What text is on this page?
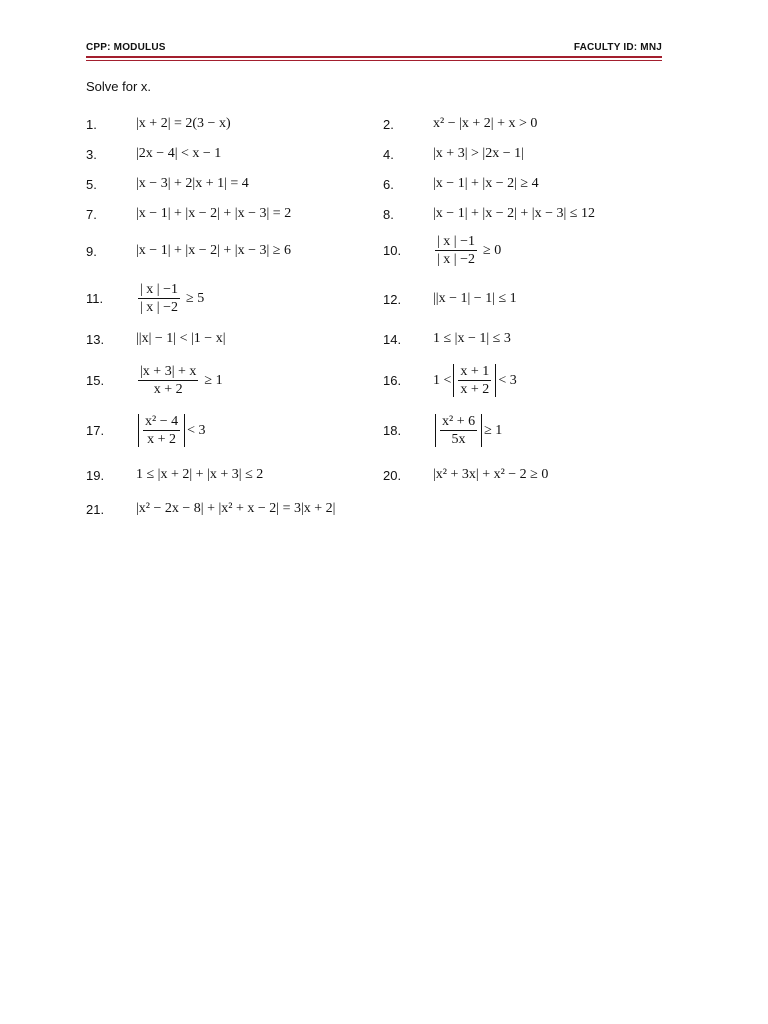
CPP: MODULUS	FACULTY ID: MNJ
Solve for x.
1.	|x + 2| = 2(3 − x)	2.	x² − |x + 2| + x > 0
3.	|2x − 4| < x − 1	4.	|x + 3| > |2x − 1|
5.	|x − 3| + 2|x + 1| = 4	6.	|x − 1| + |x − 2| ≥ 4
7.	|x − 1| + |x − 2| + |x − 3| = 2	8.	|x − 1| + |x − 2| + |x − 3| ≤ 12
9.	|x − 1| + |x − 2| + |x − 3| ≥ 6	10.	$\frac{| x | -1}{| x | -2} \ge 0$
11.	$\frac{| x | -1}{| x | -2} \ge 5$	12.	||x − 1| − 1| ≤ 1
13.	||x| − 1| < |1 − x|	14.	1 ≤ |x − 1| ≤ 3
15.	$\frac{|x + 3| + x}{x + 2} \ge 1$	16.	$1 < \frac{x + 1}{x + 2} < 3$
17.	$\frac{\text{x² − 4}}{x + 2} < 3$	18.	$\frac{\text{x² + 6}}{5x} \ge 1$
19.	1 ≤ |x + 2| + |x + 3| ≤ 2	20.	|x² + 3x| + x² − 2 ≥ 0
21.	|x² − 2x − 8| + |x² + x − 2| = 3|x + 2|
